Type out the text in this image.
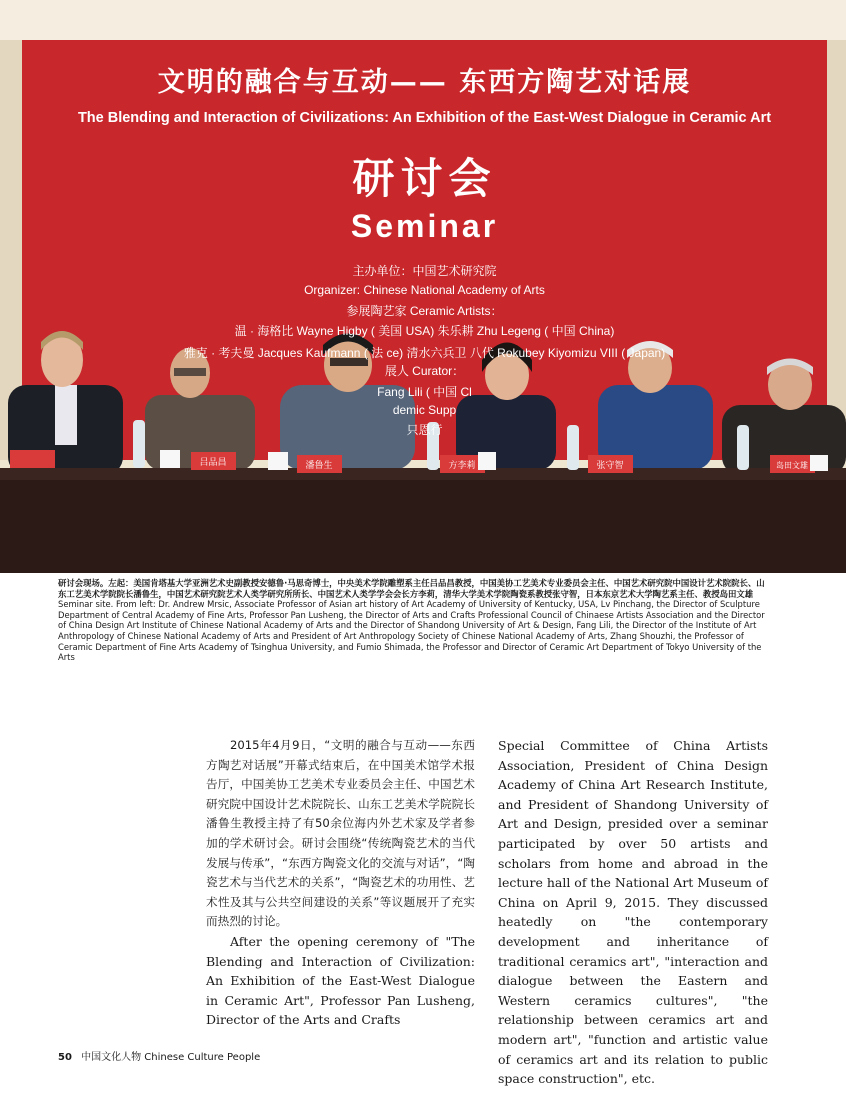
吕品昌	潘鲁生	方李莉	张守智	岛田文雄
文明的融合与互动—— 东西方陶艺对话展
The Blending and Interaction of Civilizations: An Exhibition of the East-West Dialogue in Ceramic Art
研讨会
Seminar
主办单位：中国艺术研究院
Organizer: Chinese National Academy of Arts
参展陶艺家 Ceramic Artists：
温 · 海格比 Wayne Higby ( 美国 USA) 朱乐耕 Zhu Legeng ( 中国 China)
雅克 · 考夫曼 Jacques Kaufmann ( 法 ce) 清水六兵卫 八代 Rokubey Kiyomizu VIII ( Japan)
展人 Curator：
Fang Lili ( 中国 Cl
demic Supp
只恩行

研讨会现场。左起：美国肯塔基大学亚洲艺术史副教授安德鲁·马思奇博士，中央美术学院雕塑系主任吕品昌教授，中国美协工艺美术专业委员会主任、中国艺术研究院中国设计艺术院院长、山东工艺美术学院院长潘鲁生，中国艺术研究院艺术人类学研究所所长、中国艺术人类学学会会长方李莉，清华大学美术学院陶瓷系教授张守智，日本东京艺术大学陶艺系主任、教授岛田文雄

Seminar site. From left: Dr. Andrew Mrsic, Associate Professor of Asian art history of Art Academy of University of Kentucky, USA, Lv Pinchang, the Director of Sculpture Department of Central Academy of Fine Arts, Professor Pan Lusheng, the Director of Arts and Crafts Professional Council of Chinaese Artists Association and the Director of China Design Art Institute of Chinese National Academy of Arts and the Director of Shandong University of Art & Design, Fang Lili, the Director of the Institute of Art Anthropology of Chinese National Academy of Arts and President of Art Anthropology Society of Chinese National Academy of Arts, Zhang Shouzhi, the Professor of Ceramic Department of Fine Arts Academy of Tsinghua University, and Fumio Shimada, the Professor and Director of Ceramic Art Department of Tokyo University of the Arts

2015年4月9日，“文明的融合与互动——东西方陶艺对话展”开幕式结束后，在中国美术馆学术报告厅，中国美协工艺美术专业委员会主任、中国艺术研究院中国设计艺术院院长、山东工艺美术学院院长潘鲁生教授主持了有50余位海内外艺术家及学者参加的学术研讨会。研讨会围绕“传统陶瓷艺术的当代发展与传承”，“东西方陶瓷文化的交流与对话”，“陶瓷艺术与当代艺术的关系”，“陶瓷艺术的功用性、艺术性及其与公共空间建设的关系”等议题展开了充实而热烈的讨论。

After the opening ceremony of "The Blending and Interaction of Civilization: An Exhibition of the East-West Dialogue in Ceramic Art", Professor Pan Lusheng, Director of the Arts and Crafts

Special Committee of China Artists Association, President of China Design Academy of China Art Research Institute, and President of Shandong University of Art and Design, presided over a seminar participated by over 50 artists and scholars from home and abroad in the lecture hall of the National Art Museum of China on April 9, 2015. They discussed heatedly on "the contemporary development and inheritance of traditional ceramics art", "interaction and dialogue between the Eastern and Western ceramics cultures", "the relationship between ceramics art and modern art", "function and artistic value of ceramics art and its relation to public space construction", etc.

50 中国文化人物 Chinese Culture People
